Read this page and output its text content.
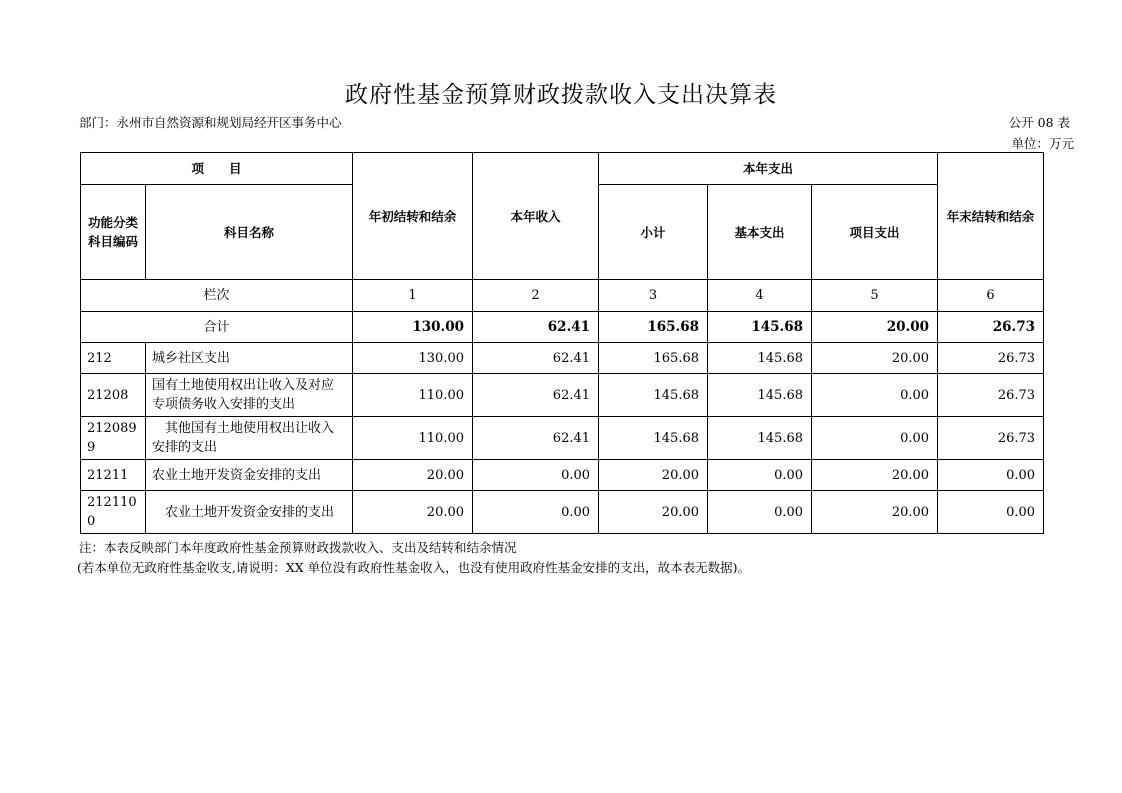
政府性基金预算财政拨款收入支出决算表
部门：永州市自然资源和规划局经开区事务中心	公开 08 表
单位：万元
项　　目		年初结转和结余	本年收入	本年支出			年末结转和结余
功能分类科目编码	科目名称			小计	基本支出	项目支出	
栏次		1	2	3	4	5	6
合计		130.00	62.41	165.68	145.68	20.00	26.73
212	城乡社区支出	130.00	62.41	165.68	145.68	20.00	26.73
21208	国有土地使用权出让收入及对应专项债务收入安排的支出	110.00	62.41	145.68	145.68	0.00	26.73
2120899	其他国有土地使用权出让收入安排的支出	110.00	62.41	145.68	145.68	0.00	26.73
21211	农业土地开发资金安排的支出	20.00	0.00	20.00	0.00	20.00	0.00
2121100	农业土地开发资金安排的支出	20.00	0.00	20.00	0.00	20.00	0.00
注：本表反映部门本年度政府性基金预算财政拨款收入、支出及结转和结余情况
(若本单位无政府性基金收支,请说明：XX 单位没有政府性基金收入，也没有使用政府性基金安排的支出，故本表无数据)。
